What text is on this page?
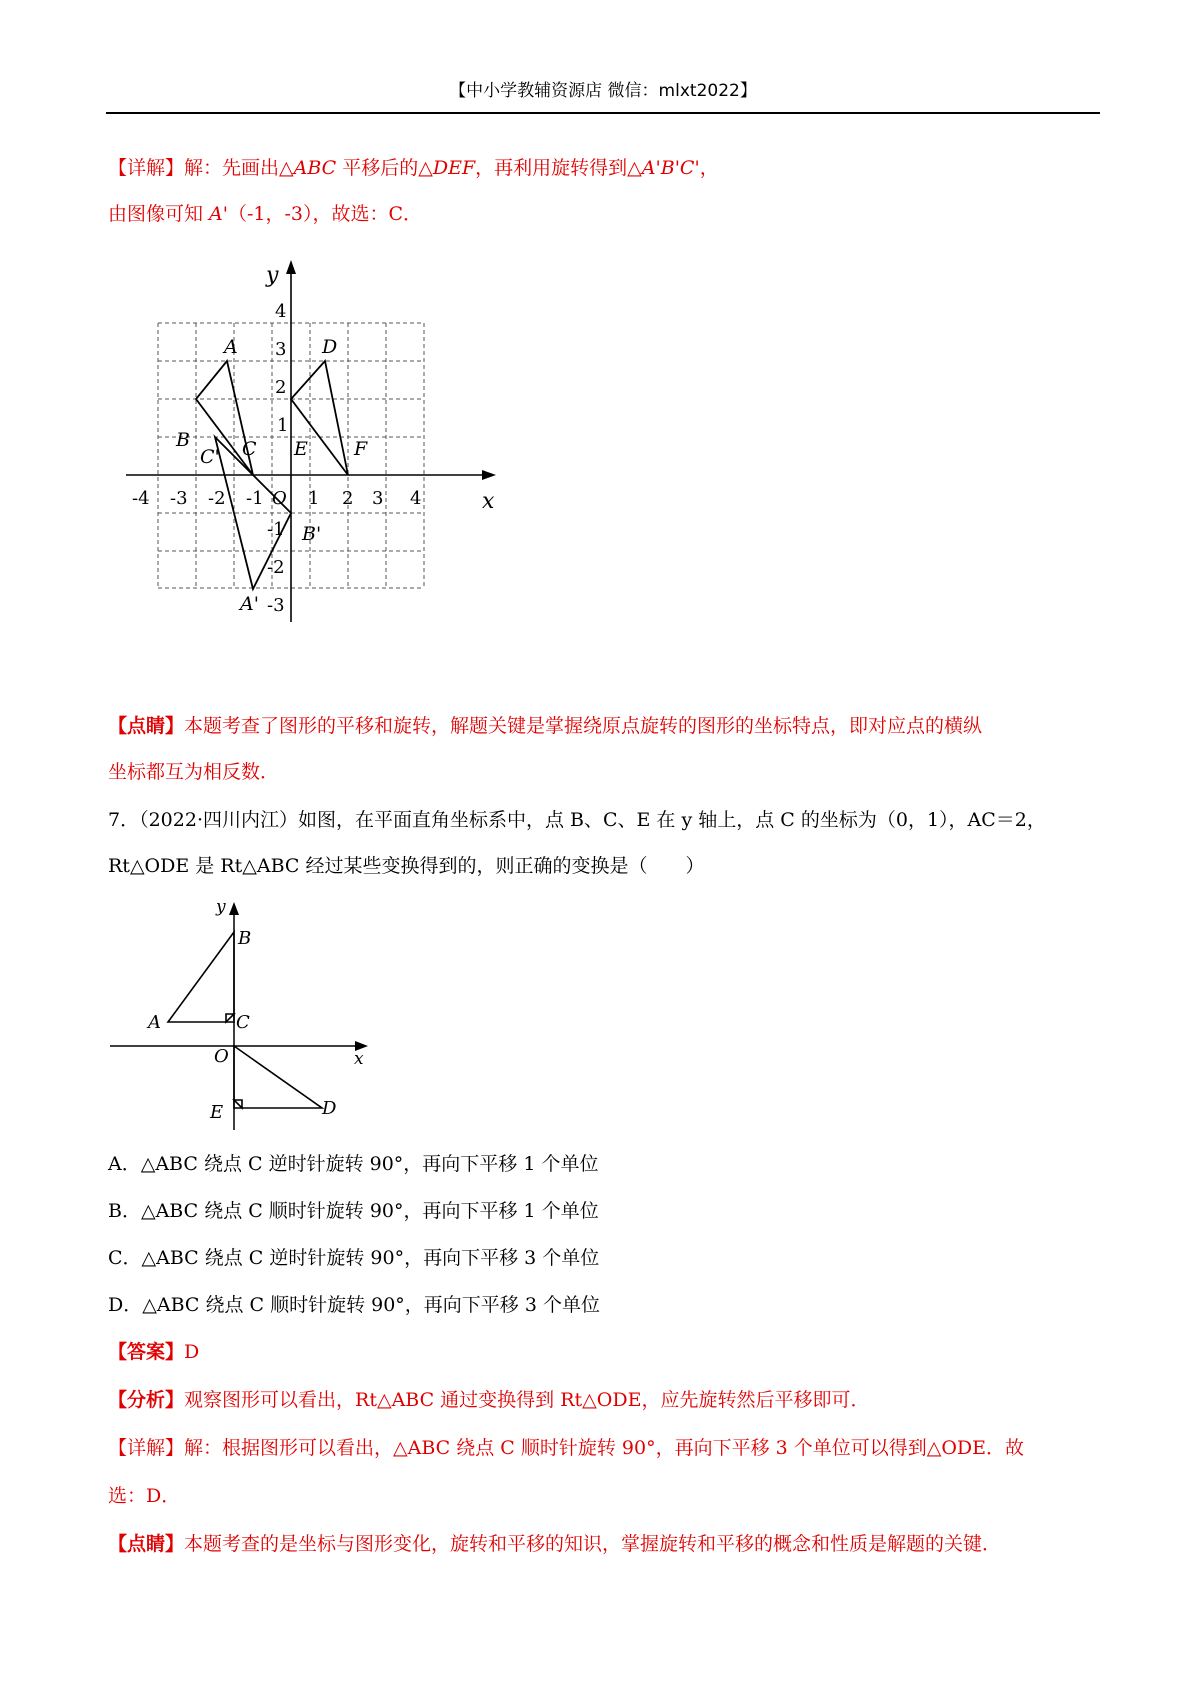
【中小学教辅资源店 微信：mlxt2022】
【详解】解：先画出△ABC 平移后的△DEF，再利用旋转得到△A'B'C'，
由图像可知 A'（-1，-3），故选：C．
x
y
-4 -3 -2 -1 O 1 2 3 4
4
3
2
1
-1
-2
-3
A
B	C
D
E F
C'
B'
A'
【点睛】本题考查了图形的平移和旋转，解题关键是掌握绕原点旋转的图形的坐标特点，即对应点的横纵
坐标都互为相反数．
7．（2022·四川内江）如图，在平面直角坐标系中，点 B、C、E 在 y 轴上，点 C 的坐标为（0，1），AC＝2，
Rt△ODE 是 Rt△ABC 经过某些变换得到的，则正确的变换是（　　）
x
y
B
A	C
O
D
E
A．△ABC 绕点 C 逆时针旋转 90°，再向下平移 1 个单位
B．△ABC 绕点 C 顺时针旋转 90°，再向下平移 1 个单位
C．△ABC 绕点 C 逆时针旋转 90°，再向下平移 3 个单位
D．△ABC 绕点 C 顺时针旋转 90°，再向下平移 3 个单位
【答案】D
【分析】观察图形可以看出，Rt△ABC 通过变换得到 Rt△ODE，应先旋转然后平移即可．
【详解】解：根据图形可以看出，△ABC 绕点 C 顺时针旋转 90°，再向下平移 3 个单位可以得到△ODE．故
选：D．
【点睛】本题考查的是坐标与图形变化，旋转和平移的知识，掌握旋转和平移的概念和性质是解题的关键．
